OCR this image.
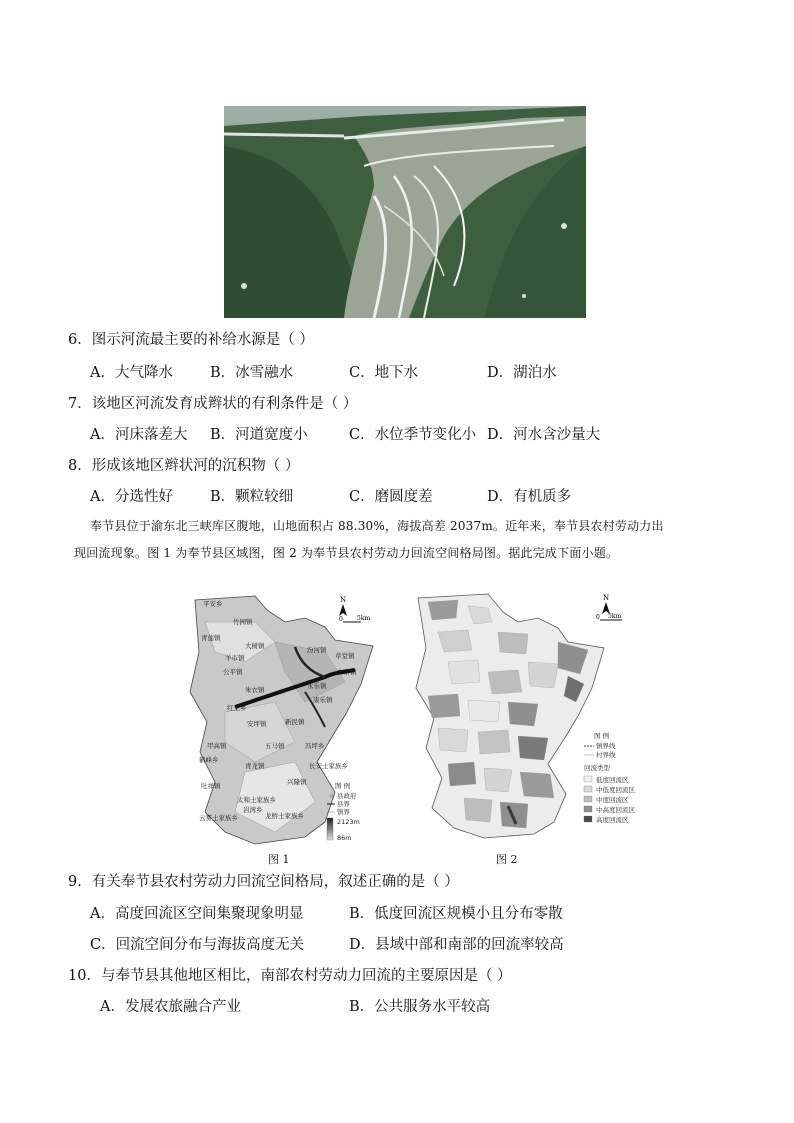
6．图示河流最主要的补给水源是（ ）
A．大气降水	B．冰雪融水	C．地下水	D．湖泊水
7．该地区河流发育成辫状的有利条件是（ ）
A．河床落差大 B．河道宽度小	C．水位季节变化小 D．河水含沙量大
8．形成该地区辫状河的沉积物（ ）
A．分选性好	B．颗粒较细	C．磨圆度差	D．有机质多
奉节县位于渝东北三峡库区腹地，山地面积占 88.30%，海拔高差 2037m。近年来，奉节县农村劳动力出
现回流现象。图 1 为奉节县区域图，图 2 为奉节县农村劳动力回流空间格局图。据此完成下面小题。
平安乡
竹园镇
青莲镇
大树镇
羊市镇
汾河镇
草堂镇
白帝镇
朱衣镇	永乐镇
公平镇
红土乡
康乐镇
安坪镇	新民镇
甲高镇	五马镇	冯坪乡
鹤峰乡
青龙镇
吐祥镇	兴隆镇
长安土家族乡
太和土家族乡
云雾土家族乡	龙桥土家族乡
岩湾乡
N
0 5km
图 例
☆ 县政府
县界
镇界
2123m
86m
图 1
N
0 5km
图 例
镇界线
村界线
回流类型
低度回流区
中低度回流区
中度回流区
中高度回流区
高度回流区
图 2
9．有关奉节县农村劳动力回流空间格局，叙述正确的是（ ）
A．高度回流区空间集聚现象明显	B．低度回流区规模小且分布零散
C．回流空间分布与海拔高度无关	D．县域中部和南部的回流率较高
10．与奉节县其他地区相比，南部农村劳动力回流的主要原因是（ ）
A．发展农旅融合产业	B．公共服务水平较高
